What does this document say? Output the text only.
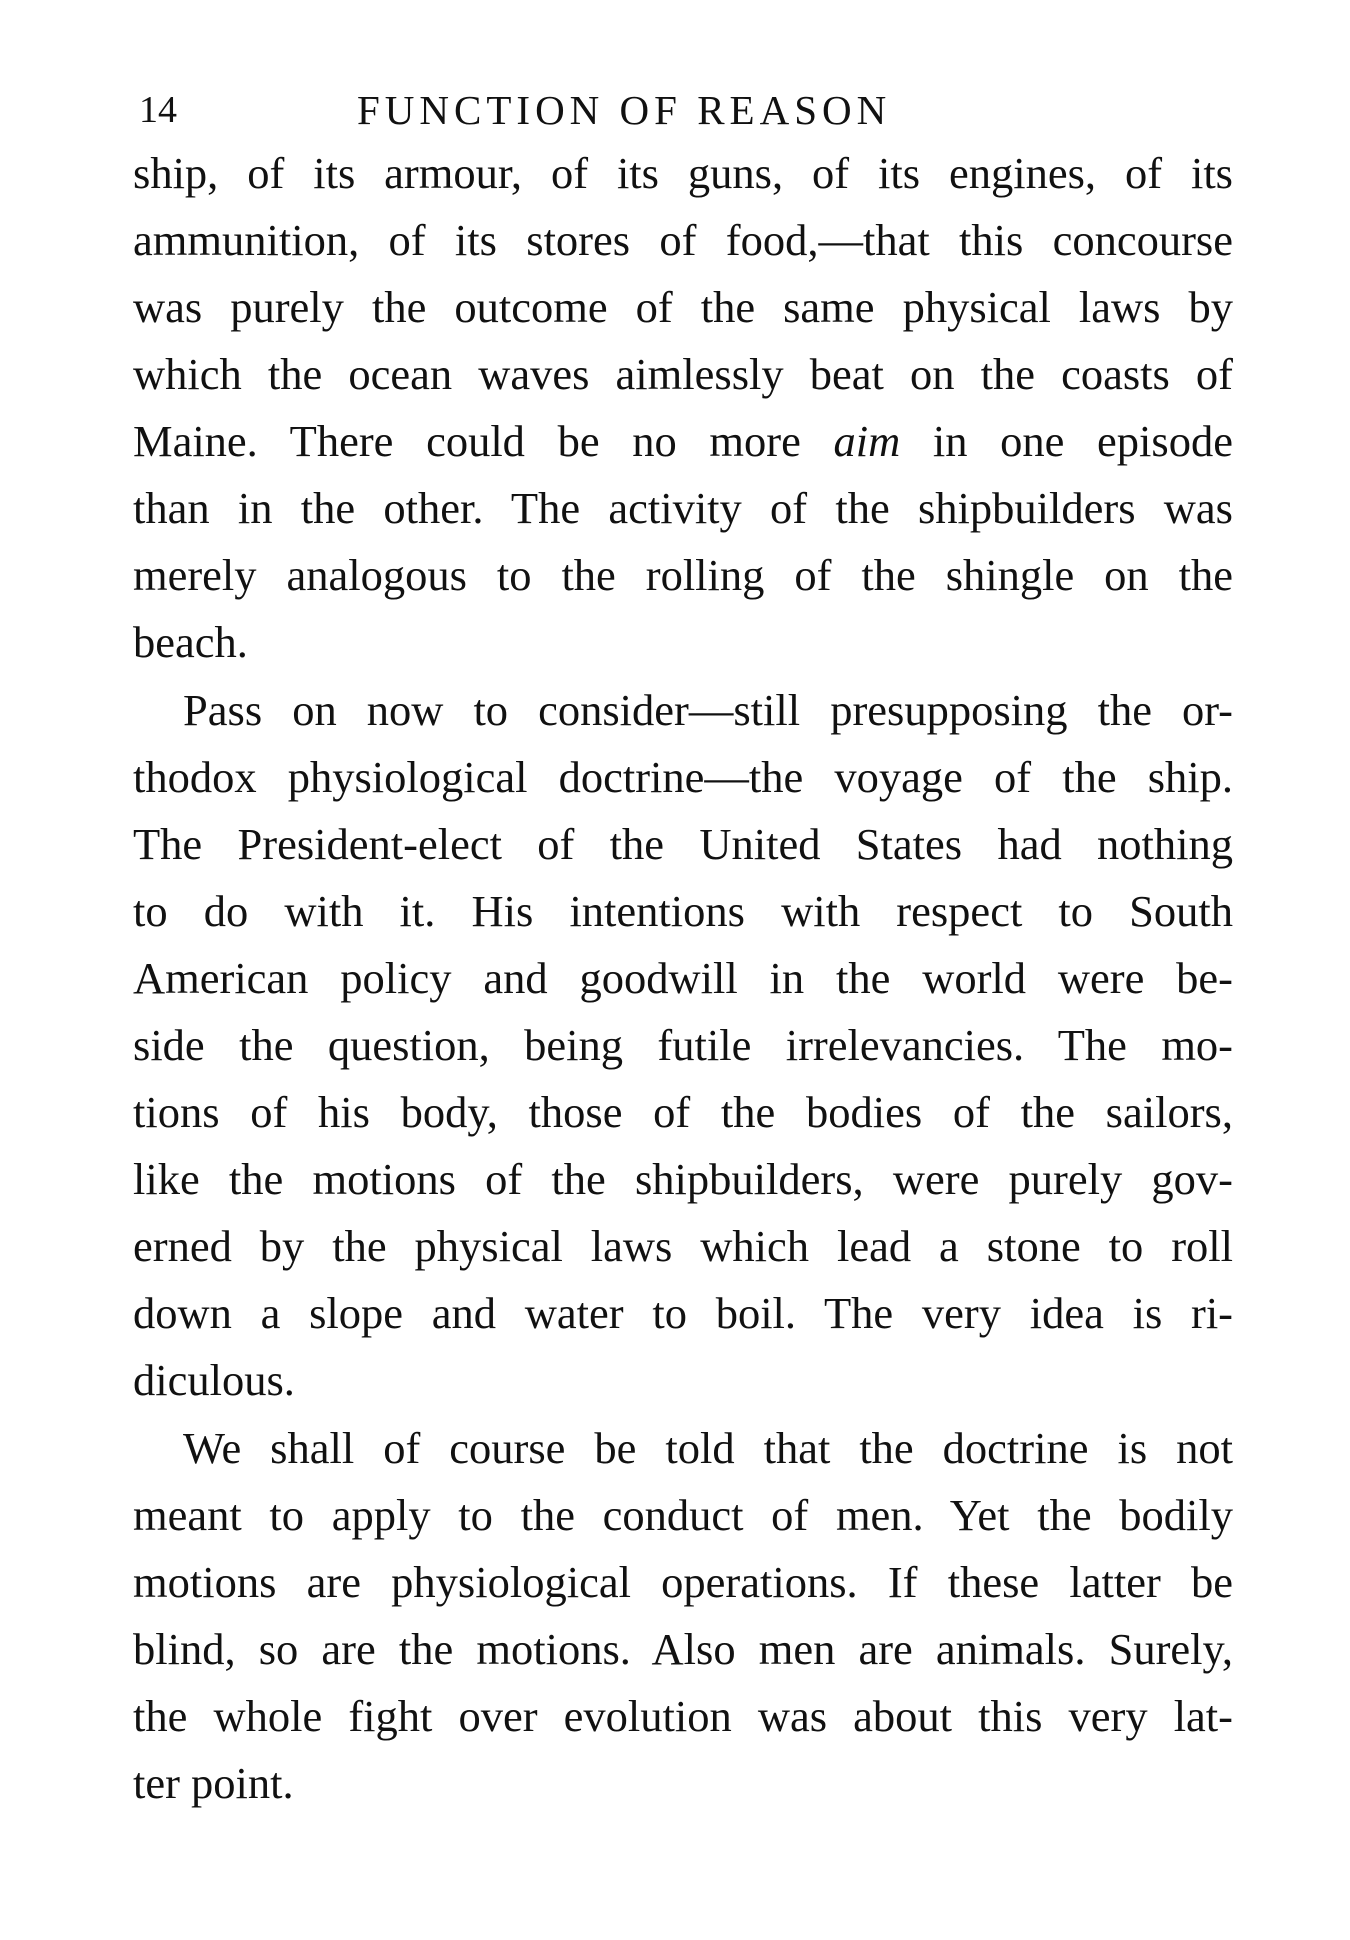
14	FUNCTION OF REASON

ship, of its armour, of its guns, of its engines, of its
ammunition, of its stores of food,—that this concourse
was purely the outcome of the same physical laws by
which the ocean waves aimlessly beat on the coasts of
Maine. There could be no more aim in one episode
than in the other. The activity of the shipbuilders was
merely analogous to the rolling of the shingle on the
beach.

Pass on now to consider—still presupposing the or-
thodox physiological doctrine—the voyage of the ship.
The President-elect of the United States had nothing
to do with it. His intentions with respect to South
American policy and goodwill in the world were be-
side the question, being futile irrelevancies. The mo-
tions of his body, those of the bodies of the sailors,
like the motions of the shipbuilders, were purely gov-
erned by the physical laws which lead a stone to roll
down a slope and water to boil. The very idea is ri-
diculous.

We shall of course be told that the doctrine is not
meant to apply to the conduct of men. Yet the bodily
motions are physiological operations. If these latter be
blind, so are the motions. Also men are animals. Surely,
the whole fight over evolution was about this very lat-
ter point.
